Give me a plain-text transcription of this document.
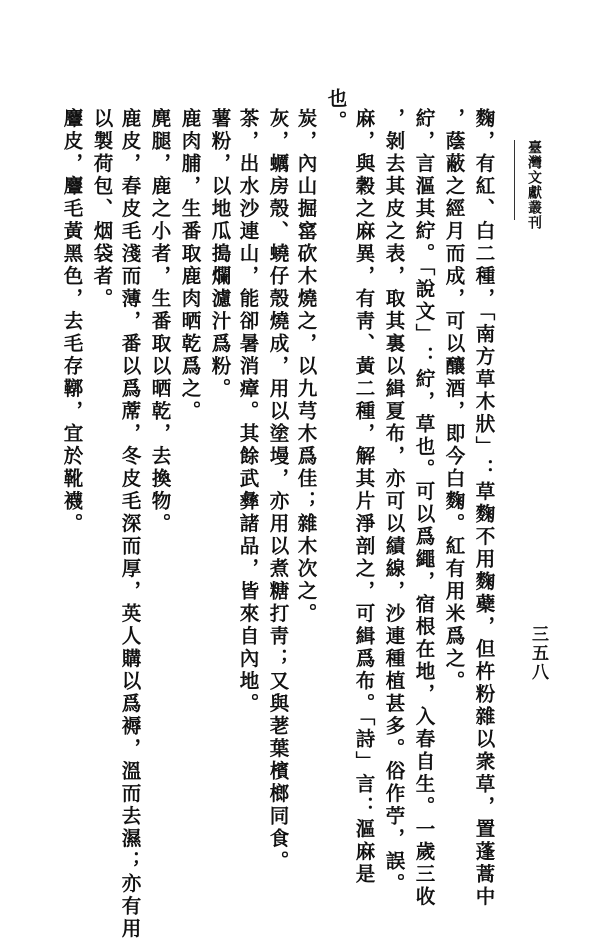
臺灣文獻叢刊
三五八
麴，有紅、白二種，「南方草木狀」：草麴不用麴蘗，但杵粉雜以衆草，置蓬蒿中
，蔭蔽之經月而成，可以釀酒，即今白麴。紅有用米爲之。
紵，言漚其紵。「說文」：紵，草也。可以爲繩，宿根在地，入春自生。一歲三收
，剝去其皮之表，取其裏以緝夏布，亦可以績線，沙連種植甚多。俗作苧，誤。
麻，與穀之麻異，有靑、黃二種，解其片淨剖之，可緝爲布。「詩」言：漚麻是
也。
炭，內山掘窰砍木燒之，以九芎木爲佳；雜木次之。
灰，蠣房殼、蟯仔殼燒成，用以塗墁，亦用以煮糖打靑；又與荖葉檳榔同食。
茶，出水沙連山，能卻暑消瘴。其餘武彝諸品，皆來自內地。
薯粉，以地瓜搗爛濾汁爲粉。
鹿肉脯，生番取鹿肉晒乾爲之。
麂腿，鹿之小者，生番取以晒乾，去換物。
鹿皮，春皮毛淺而薄，番以爲蓆，冬皮毛深而厚，英人購以爲褥，溫而去濕；亦有用
以製荷包、烟袋者。
麞皮，麞毛黃黑色，去毛存鞹，宜於靴襪。
